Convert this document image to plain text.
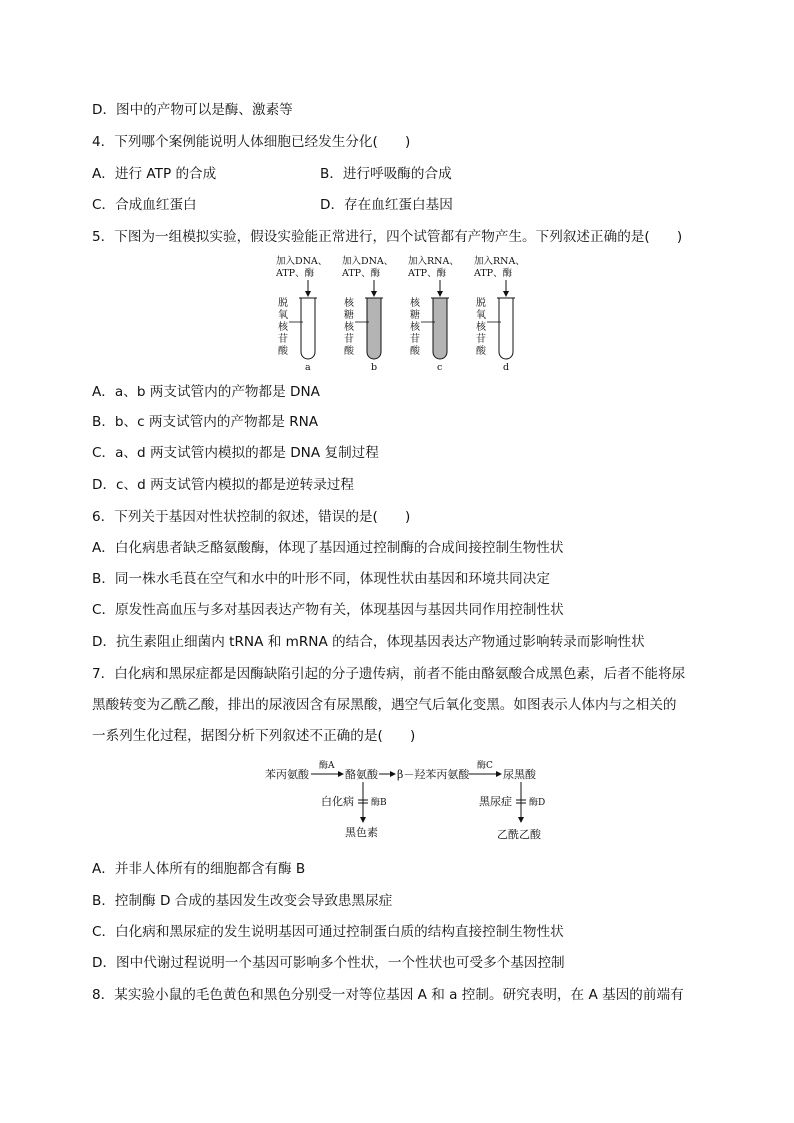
D．图中的产物可以是酶、激素等
4．下列哪个案例能说明人体细胞已经发生分化(　　)
A．进行 ATP 的合成	B．进行呼吸酶的合成
C．合成血红蛋白	D．存在血红蛋白基因
5．下图为一组模拟实验，假设实验能正常进行，四个试管都有产物产生。下列叙述正确的是(　　)
加入DNA、
ATP、酶
脱
氧
核
苷
酸
a
加入DNA、
ATP、酶
核
糖
核
苷
酸
b
加入RNA、
ATP、酶
核
糖
核
苷
酸
c
加入RNA、
ATP、酶
脱
氧
核
苷
酸
d
A．a、b 两支试管内的产物都是 DNA
B．b、c 两支试管内的产物都是 RNA
C．a、d 两支试管内模拟的都是 DNA 复制过程
D．c、d 两支试管内模拟的都是逆转录过程
6．下列关于基因对性状控制的叙述，错误的是(　　)
A．白化病患者缺乏酪氨酸酶，体现了基因通过控制酶的合成间接控制生物性状
B．同一株水毛茛在空气和水中的叶形不同，体现性状由基因和环境共同决定
C．原发性高血压与多对基因表达产物有关，体现基因与基因共同作用控制性状
D．抗生素阻止细菌内 tRNA 和 mRNA 的结合，体现基因表达产物通过影响转录而影响性状
7．白化病和黑尿症都是因酶缺陷引起的分子遗传病，前者不能由酪氨酸合成黑色素，后者不能将尿
黑酸转变为乙酰乙酸，排出的尿液因含有尿黑酸，遇空气后氧化变黑。如图表示人体内与之相关的
一系列生化过程，据图分析下列叙述不正确的是(　　)
苯丙氨酸
酶A
酪氨酸 β－羟苯丙氨酸
酶C
尿黑酸
白化病 酶B
黑色素
黑尿症 酶D
乙酰乙酸
A．并非人体所有的细胞都含有酶 B
B．控制酶 D 合成的基因发生改变会导致患黑尿症
C．白化病和黑尿症的发生说明基因可通过控制蛋白质的结构直接控制生物性状
D．图中代谢过程说明一个基因可影响多个性状，一个性状也可受多个基因控制
8．某实验小鼠的毛色黄色和黑色分别受一对等位基因 A 和 a 控制。研究表明，在 A 基因的前端有
